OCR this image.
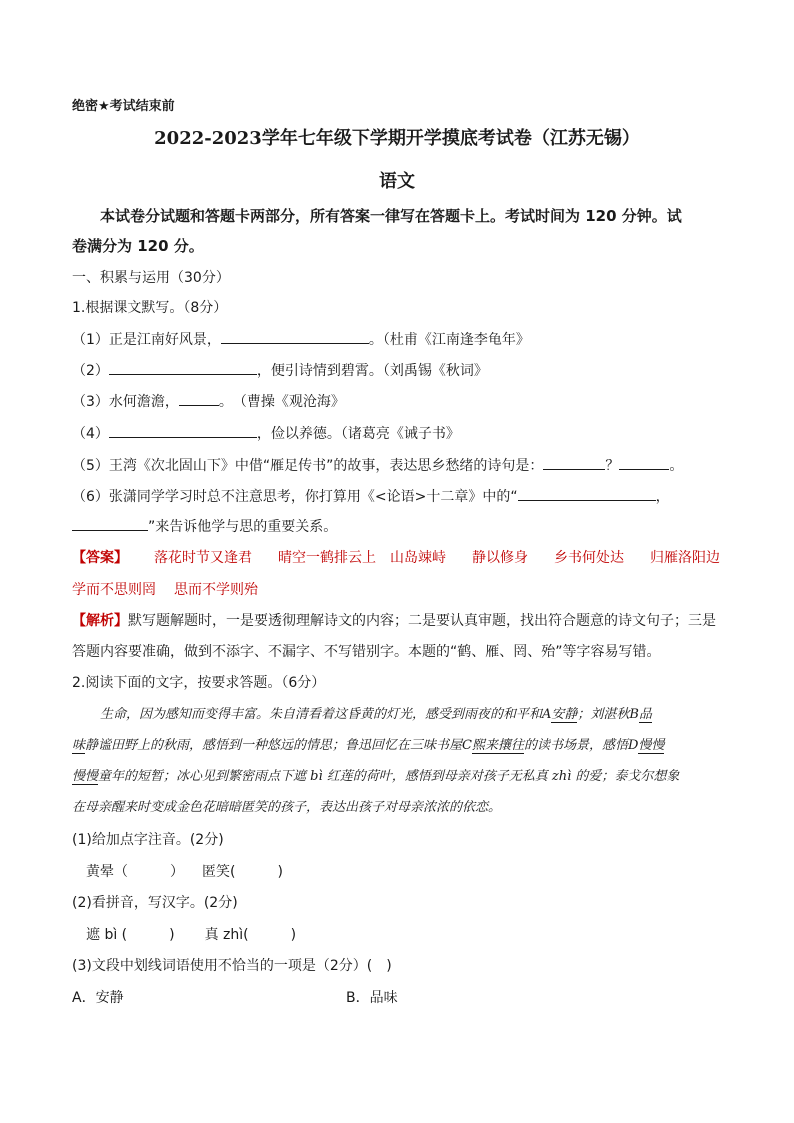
绝密★考试结束前
2022-2023学年七年级下学期开学摸底考试卷（江苏无锡）
语文
本试卷分试题和答题卡两部分，所有答案一律写在答题卡上。考试时间为 120 分钟。试
卷满分为 120 分。
一、积累与运用（30分）
1.根据课文默写。（8分）
（1）正是江南好风景，	。（杜甫《江南逢李龟年》
（2）	，便引诗情到碧霄。（刘禹锡《秋词》
（3）水何澹澹，	。　（曹操《观沧海》
（4）	，俭以养德。（诸葛亮《诫子书》
（5）王湾《次北固山下》中借“雁足传书”的故事，表达思乡愁绪的诗句是：	？	。
（6）张潇同学学习时总不注意思考，你打算用《<论语>十二章》中的“	，
”来告诉他学与思的重要关系。
【答案】 落花时节又逢君 晴空一鹤排云上 山岛竦峙 静以修身 乡书何处达 归雁洛阳边
学而不思则罔 思而不学则殆
【解析】默写题解题时，一是要透彻理解诗文的内容；二是要认真审题，找出符合题意的诗文句子；三是
答题内容要准确，做到不添字、不漏字、不写错别字。本题的“鹤、雁、罔、殆”等字容易写错。
2.阅读下面的文字，按要求答题。（6分）
生命，因为感知而变得丰富。朱自清看着这昏黄的灯光，感受到雨夜的和平和A安静；刘湛秋B品
味静谧田野上的秋雨，感悟到一种悠远的情思；鲁迅回忆在三味书屋C熙来攘往的读书场景，感悟D慢慢
慢慢童年的短暂；冰心见到繁密雨点下遮 bì 红莲的荷叶，感悟到母亲对孩子无私真 zhì 的爱；泰戈尔想象
在母亲醒来时变成金色花暗暗匿笑的孩子，表达出孩子对母亲浓浓的依恋。
(1)给加点字注音。(2分)
黄晕（　　　） 匿笑(　　　)
(2)看拼音，写汉字。(2分)
遮 bì (　　　) 真 zhì(　　　)
(3)文段中划线词语使用不恰当的一项是（2分）(　)
A．安静	B．品味
